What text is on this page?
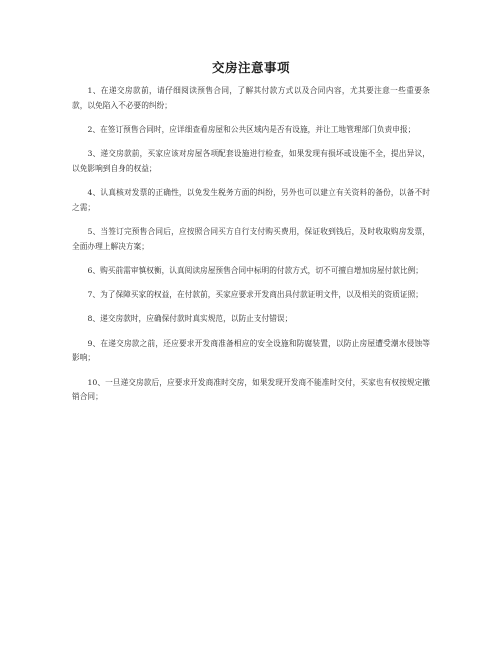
交房注意事项

1、在递交房款前，请仔细阅读预售合同，了解其付款方式以及合同内容，尤其要注意一些重要条款，以免陷入不必要的纠纷；

2、在签订预售合同时，应详细查看房屋和公共区域内是否有设施，并让工地管理部门负责申报；

3、递交房款前，买家应该对房屋各项配套设施进行检查，如果发现有损坏或设施不全，提出异议，以免影响到自身的权益；

4、认真核对发票的正确性，以免发生税务方面的纠纷，另外也可以建立有关资料的备份，以备不时之需；

5、当签订完预售合同后，应按照合同买方自行支付购买费用，保证收到钱后，及时收取购房发票，全面办理上解决方案；

6、购买前需审慎权衡，认真阅读房屋预售合同中标明的付款方式，切不可擅自增加房屋付款比例；

7、为了保障买家的权益，在付款前，买家应要求开发商出具付款证明文件，以及相关的资质证照；

8、递交房款时，应确保付款时真实规范，以防止支付错误；

9、在递交房款之前，还应要求开发商准备相应的安全设施和防腐装置，以防止房屋遭受潮水侵蚀等影响；

10、一旦递交房款后，应要求开发商准时交房，如果发现开发商不能准时交付，买家也有权按规定撤销合同；
